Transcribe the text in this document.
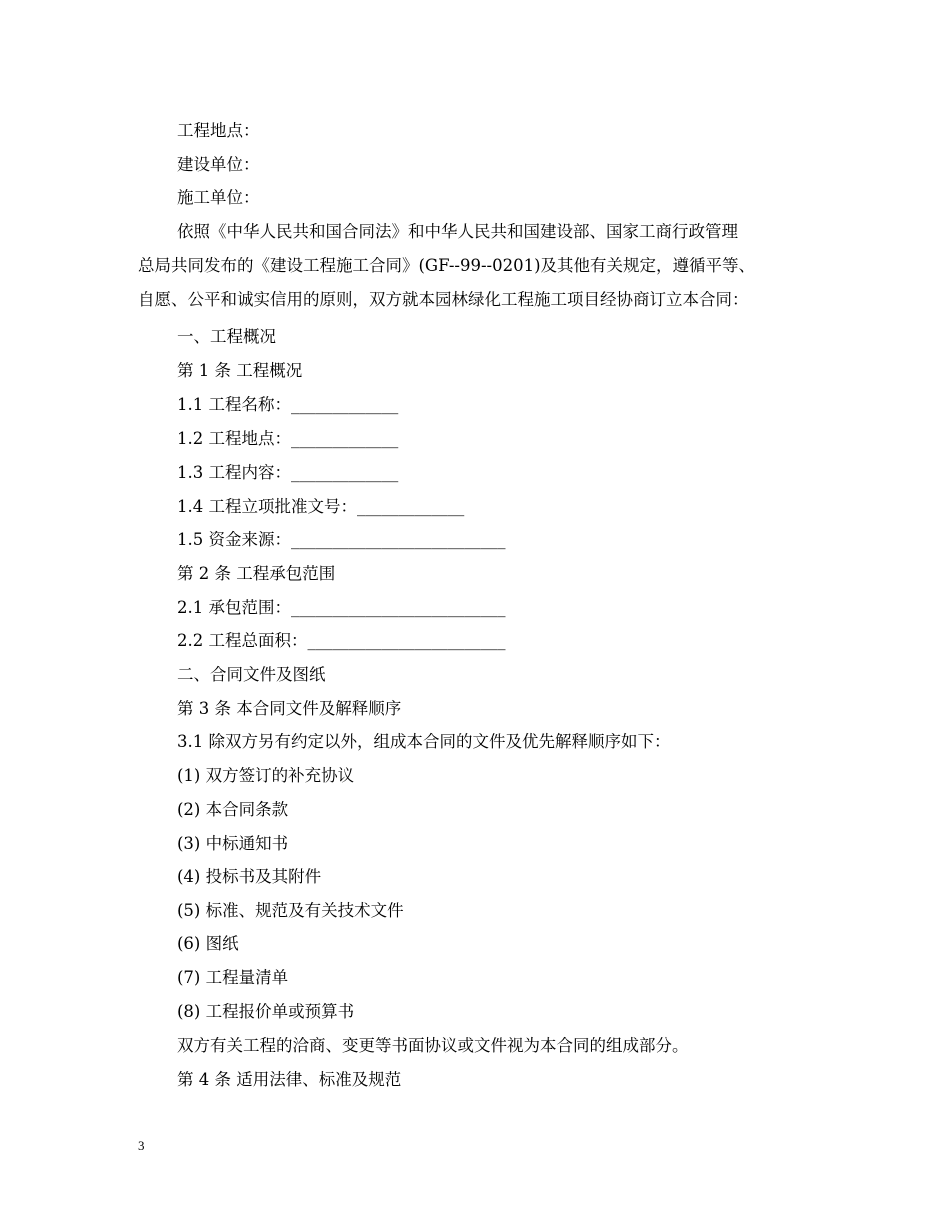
工程地点：
建设单位：
施工单位：
依照《中华人民共和国合同法》和中华人民共和国建设部、国家工商行政管理
总局共同发布的《建设工程施工合同》(GF--99--0201)及其他有关规定，遵循平等、
自愿、公平和诚实信用的原则，双方就本园林绿化工程施工项目经协商订立本合同：
一、工程概况
第 1 条 工程概况
1.1 工程名称：_____________
1.2 工程地点：_____________
1.3 工程内容：_____________
1.4 工程立项批准文号：_____________
1.5 资金来源：__________________________
第 2 条 工程承包范围
2.1 承包范围：__________________________
2.2 工程总面积：________________________
二、合同文件及图纸
第 3 条 本合同文件及解释顺序
3.1 除双方另有约定以外，组成本合同的文件及优先解释顺序如下：
(1) 双方签订的补充协议
(2) 本合同条款
(3) 中标通知书
(4) 投标书及其附件
(5) 标准、规范及有关技术文件
(6) 图纸
(7) 工程量清单
(8) 工程报价单或预算书
双方有关工程的洽商、变更等书面协议或文件视为本合同的组成部分。
第 4 条 适用法律、标准及规范
3
